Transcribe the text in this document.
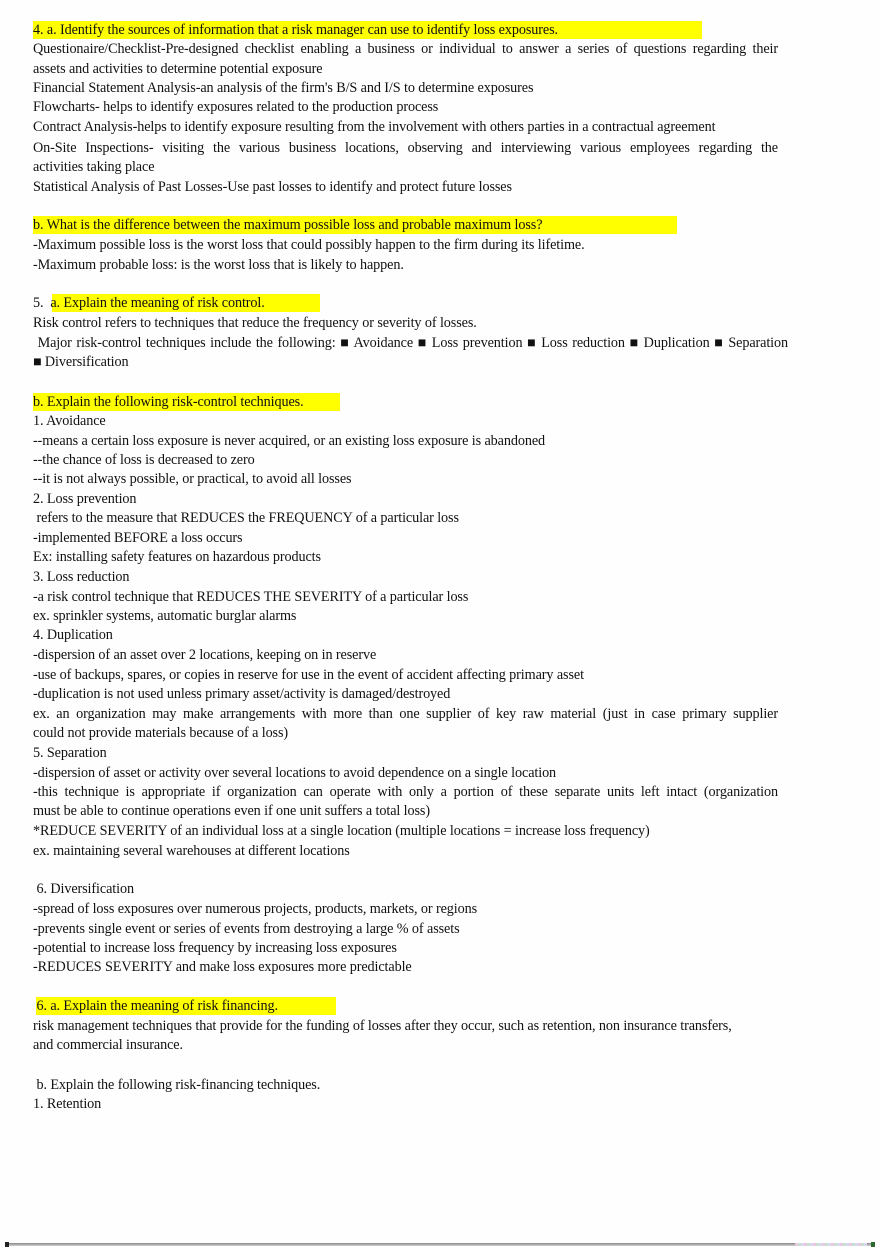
4. a. Identify the sources of information that a risk manager can use to identify loss exposures.
Questionaire/Checklist-Pre-designed checklist enabling a business or individual to answer a series of questions regarding their
assets and activities to determine potential exposure
Financial Statement Analysis-an analysis of the firm's B/S and I/S to determine exposures
Flowcharts- helps to identify exposures related to the production process
Contract Analysis-helps to identify exposure resulting from the involvement with others parties in a contractual agreement
On-Site Inspections- visiting the various business locations, observing and interviewing various employees regarding the
activities taking place
Statistical Analysis of Past Losses-Use past losses to identify and protect future losses
b. What is the difference between the maximum possible loss and probable maximum loss?
-Maximum possible loss is the worst loss that could possibly happen to the firm during its lifetime.
-Maximum probable loss: is the worst loss that is likely to happen.
5.  a. Explain the meaning of risk control.
Risk control refers to techniques that reduce the frequency or severity of losses.
Major risk-control techniques include the following: ■ Avoidance ■ Loss prevention ■ Loss reduction ■ Duplication ■ Separation
■ Diversification
b. Explain the following risk-control techniques.
1. Avoidance
--means a certain loss exposure is never acquired, or an existing loss exposure is abandoned
--the chance of loss is decreased to zero
--it is not always possible, or practical, to avoid all losses
2. Loss prevention
refers to the measure that REDUCES the FREQUENCY of a particular loss
-implemented BEFORE a loss occurs
Ex: installing safety features on hazardous products
3. Loss reduction
-a risk control technique that REDUCES THE SEVERITY of a particular loss
ex. sprinkler systems, automatic burglar alarms
4. Duplication
-dispersion of an asset over 2 locations, keeping on in reserve
-use of backups, spares, or copies in reserve for use in the event of accident affecting primary asset
-duplication is not used unless primary asset/activity is damaged/destroyed
ex. an organization may make arrangements with more than one supplier of key raw material (just in case primary supplier
could not provide materials because of a loss)
5. Separation
-dispersion of asset or activity over several locations to avoid dependence on a single location
-this technique is appropriate if organization can operate with only a portion of these separate units left intact (organization
must be able to continue operations even if one unit suffers a total loss)
*REDUCE SEVERITY of an individual loss at a single location (multiple locations = increase loss frequency)
ex. maintaining several warehouses at different locations
6. Diversification
-spread of loss exposures over numerous projects, products, markets, or regions
-prevents single event or series of events from destroying a large % of assets
-potential to increase loss frequency by increasing loss exposures
-REDUCES SEVERITY and make loss exposures more predictable
6. a. Explain the meaning of risk financing.
risk management techniques that provide for the funding of losses after they occur, such as retention, non insurance transfers,
and commercial insurance.
b. Explain the following risk-financing techniques.
1. Retention
